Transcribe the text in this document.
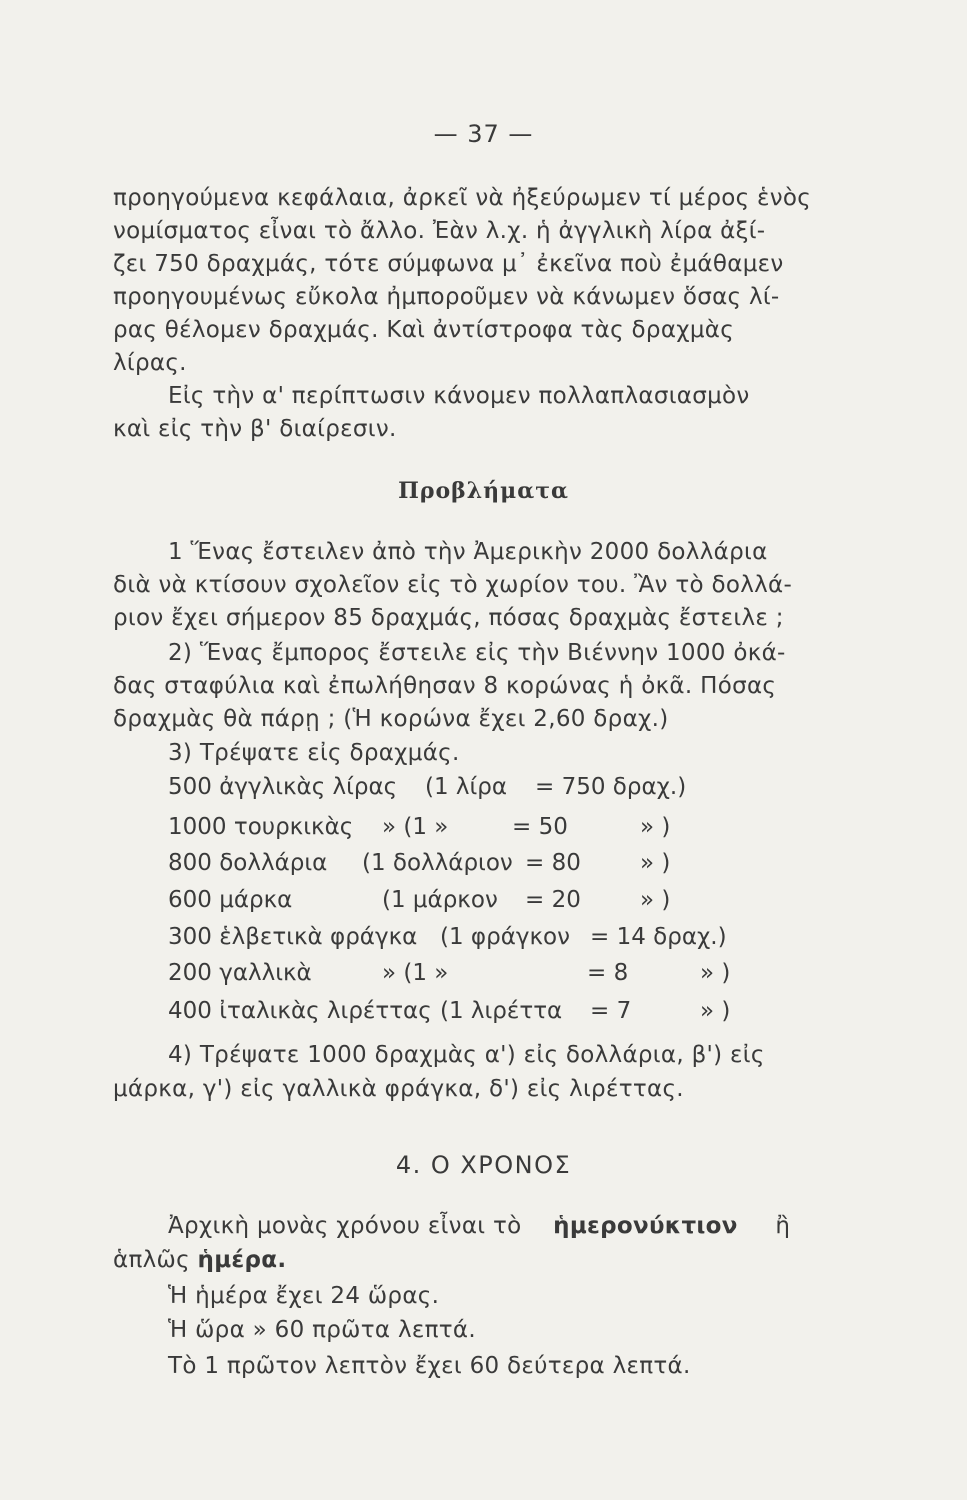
— 37 —
προηγούμενα κεφάλαια, ἀρκεῖ νὰ ἠξεύρωμεν τί μέρος ἑνὸς
νομίσματος εἶναι τὸ ἄλλο. Ἐὰν λ.χ. ἡ ἀγγλικὴ λίρα ἀξί-
ζει 750 δραχμάς, τότε σύμφωνα μ᾽ ἐκεῖνα ποὺ ἐμάθαμεν
προηγουμένως εὔκολα ἠμποροῦμεν νὰ κάνωμεν ὅσας λί-
ρας θέλομεν δραχμάς. Καὶ ἀντίστροφα τὰς δραχμὰς
λίρας.
Εἰς τὴν α' περίπτωσιν κάνομεν πολλαπλασιασμὸν
καὶ εἰς τὴν β' διαίρεσιν.
Προβλήματα
1 Ἕνας ἔστειλεν ἀπὸ τὴν Ἀμερικὴν 2000 δολλάρια
διὰ νὰ κτίσουν σχολεῖον εἰς τὸ χωρίον του. Ἂν τὸ δολλά-
ριον ἔχει σήμερον 85 δραχμάς, πόσας δραχμὰς ἔστειλε ;
2) Ἕνας ἔμπορος ἔστειλε εἰς τὴν Βιέννην 1000 ὀκά-
δας σταφύλια καὶ ἐπωλήθησαν 8 κορώνας ἡ ὀκᾶ. Πόσας
δραχμὰς θὰ πάρῃ ; (Ἡ κορώνα ἔχει 2,60 δραχ.)
3) Τρέψατε εἰς δραχμάς.
500 ἀγγλικὰς λίρας (1 λίρα = 750 δραχ.)
1000 τουρκικὰς » (1 »	= 50	» )
800 δολλάρια (1 δολλάριον = 80	» )
600 μάρκα	(1 μάρκον = 20	» )
300 ἑλβετικὰ φράγκα (1 φράγκον = 14 δραχ.)
200 γαλλικὰ	» (1 »	= 8	» )
400 ἰταλικὰς λιρέττας (1 λιρέττα = 7	» )
4) Τρέψατε 1000 δραχμὰς α') εἰς δολλάρια, β') εἰς
μάρκα, γ') εἰς γαλλικὰ φράγκα, δ') εἰς λιρέττας.
4. Ο ΧΡΟΝΟΣ
Ἀρχικὴ μονὰς χρόνου εἶναι τὸ ἡμερονύκτιον ἢ
ἁπλῶς ἡμέρα.
Ἡ ἡμέρα ἔχει 24 ὥρας.
Ἡ ὥρα » 60 πρῶτα λεπτά.
Τὸ 1 πρῶτον λεπτὸν ἔχει 60 δεύτερα λεπτά.
